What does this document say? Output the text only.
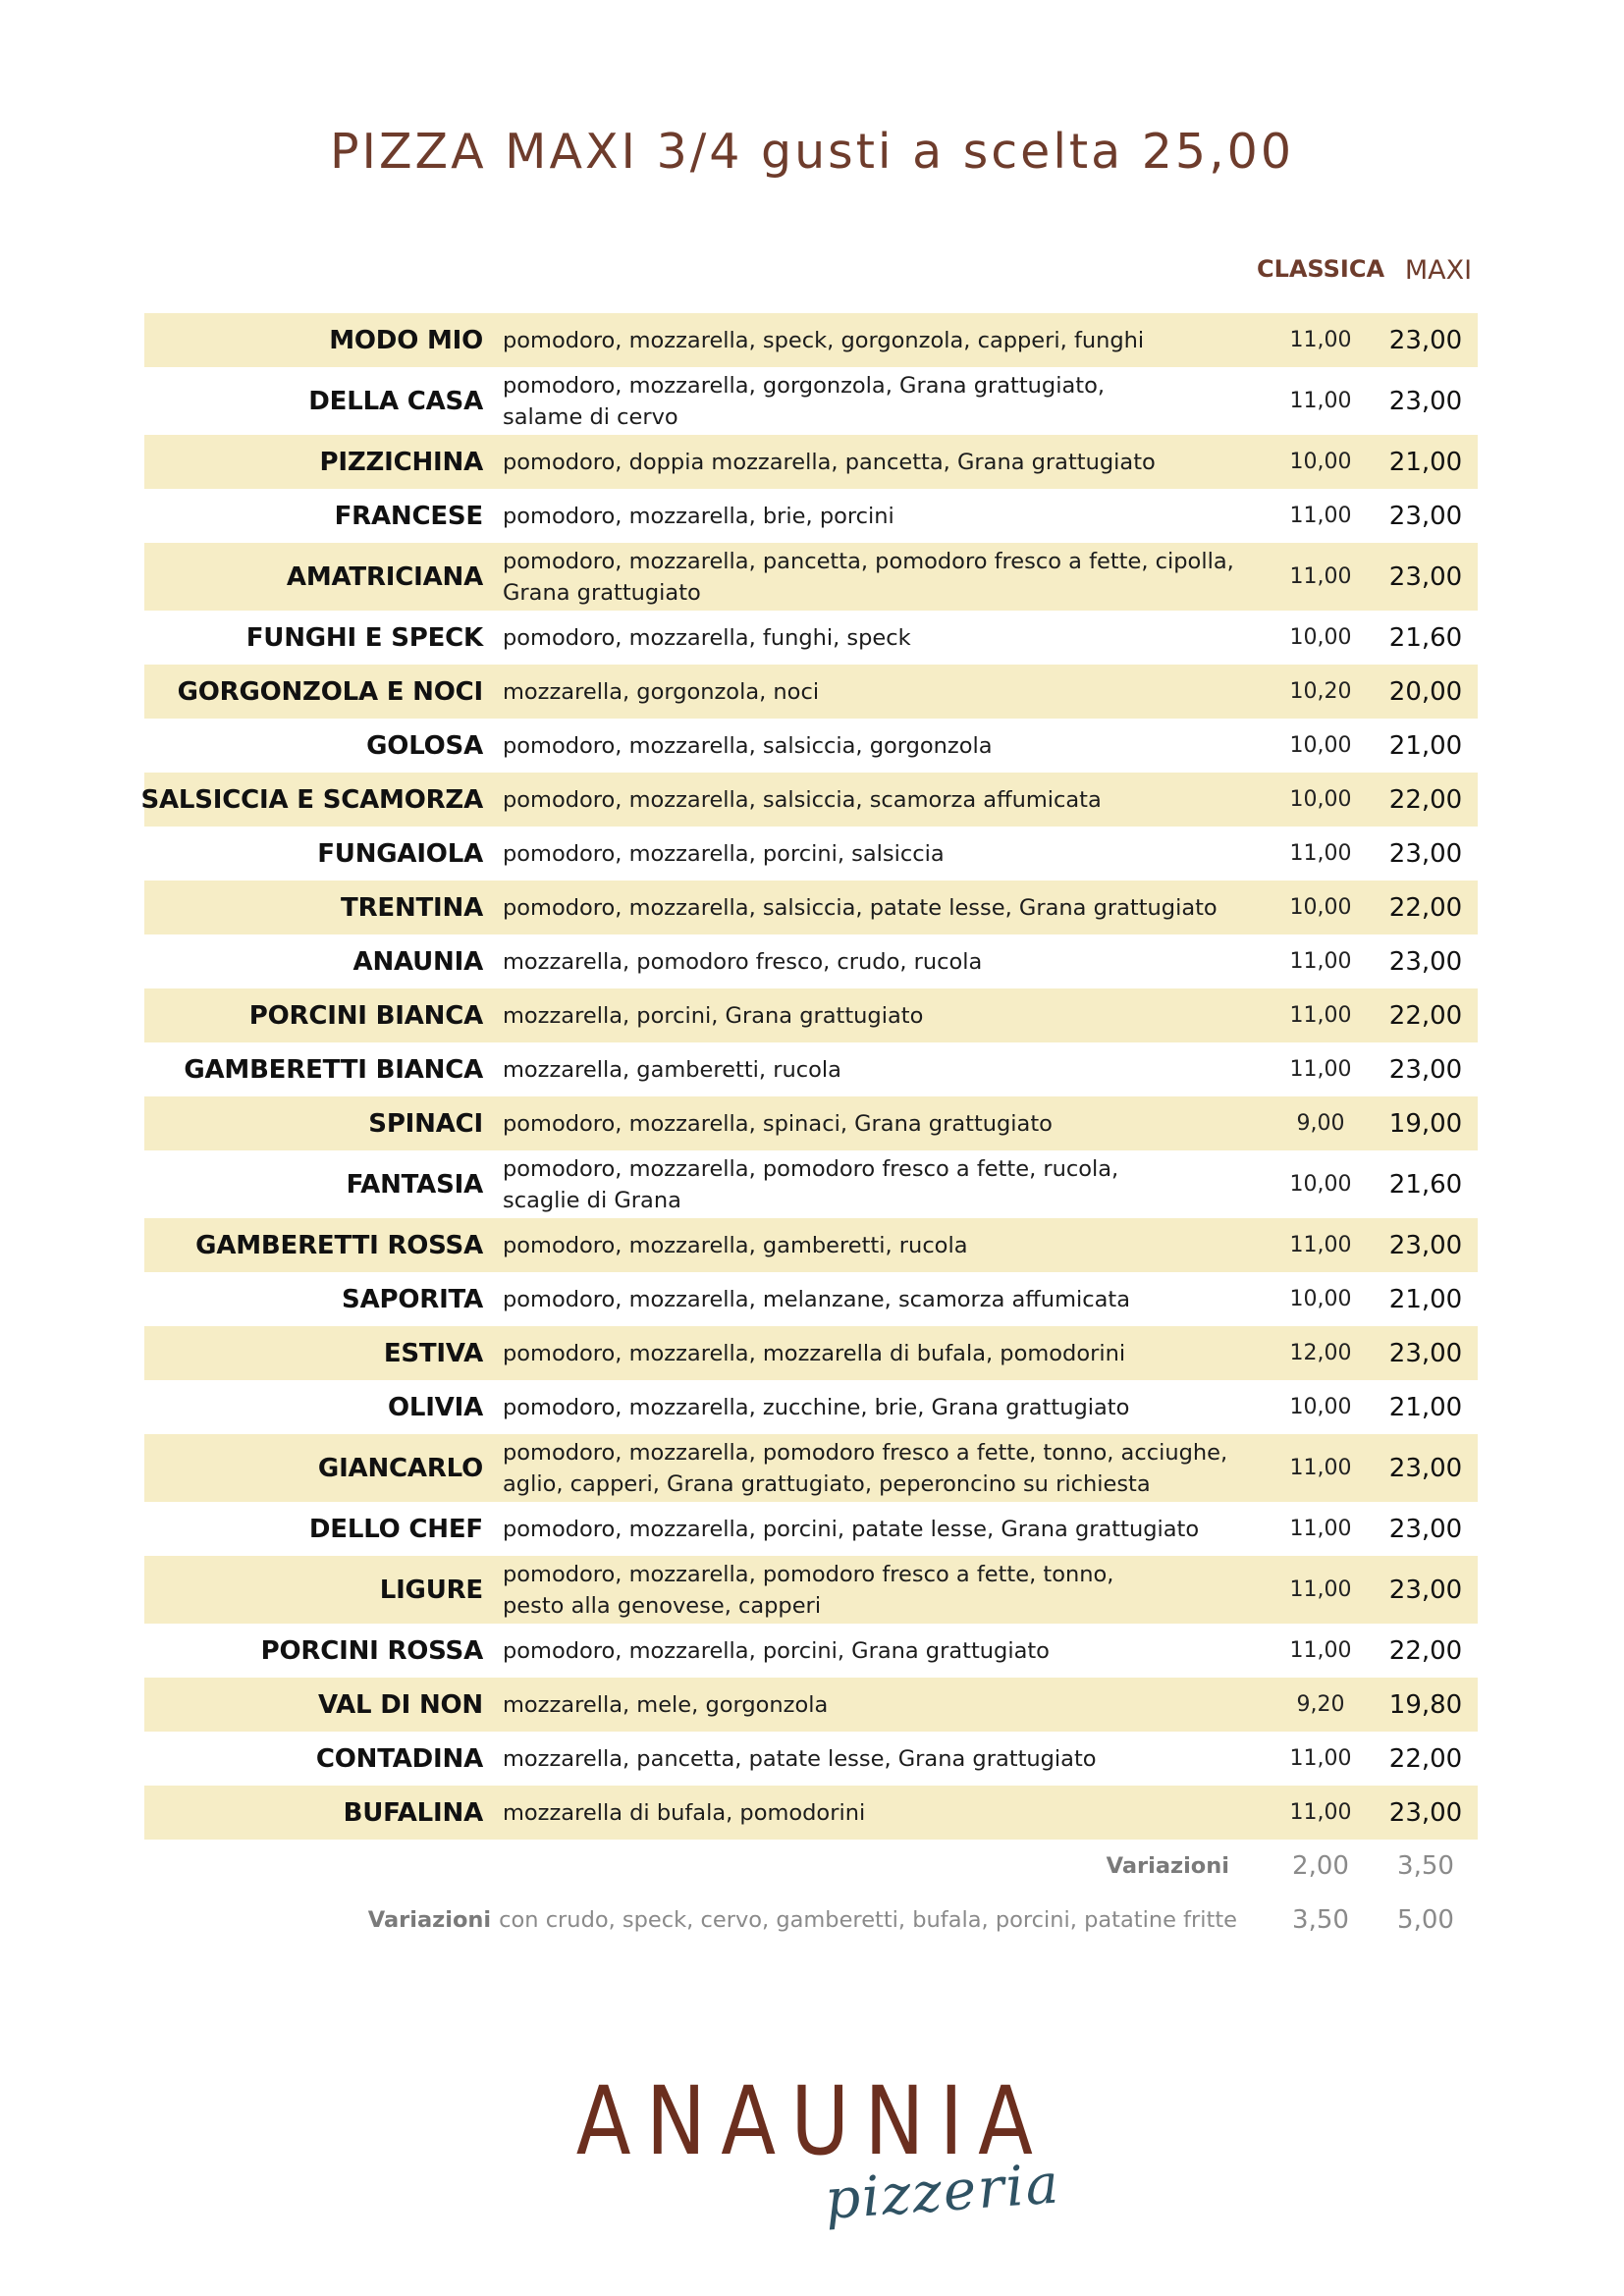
PIZZA MAXI 3/4 gusti a scelta 25,00
CLASSICA MAXI
MODO MIO pomodoro, mozzarella, speck, gorgonzola, capperi, funghi	11,00	23,00
DELLA CASA
pomodoro, mozzarella, gorgonzola, Grana grattugiato,
salame di cervo
11,00	23,00
PIZZICHINA pomodoro, doppia mozzarella, pancetta, Grana grattugiato	10,00	21,00
FRANCESE pomodoro, mozzarella, brie, porcini	11,00	23,00
AMATRICIANA
pomodoro, mozzarella, pancetta, pomodoro fresco a fette, cipolla,
Grana grattugiato
11,00	23,00
FUNGHI E SPECK pomodoro, mozzarella, funghi, speck	10,00	21,60
GORGONZOLA E NOCI mozzarella, gorgonzola, noci	10,20	20,00
GOLOSA pomodoro, mozzarella, salsiccia, gorgonzola	10,00	21,00
SALSICCIA E SCAMORZA pomodoro, mozzarella, salsiccia, scamorza affumicata	10,00	22,00
FUNGAIOLA pomodoro, mozzarella, porcini, salsiccia	11,00	23,00
TRENTINA pomodoro, mozzarella, salsiccia, patate lesse, Grana grattugiato	10,00	22,00
ANAUNIA mozzarella, pomodoro fresco, crudo, rucola	11,00	23,00
PORCINI BIANCA mozzarella, porcini, Grana grattugiato	11,00	22,00
GAMBERETTI BIANCA mozzarella, gamberetti, rucola	11,00	23,00
SPINACI pomodoro, mozzarella, spinaci, Grana grattugiato	9,00	19,00
FANTASIA
pomodoro, mozzarella, pomodoro fresco a fette, rucola,
scaglie di Grana
10,00	21,60
GAMBERETTI ROSSA pomodoro, mozzarella, gamberetti, rucola	11,00	23,00
SAPORITA pomodoro, mozzarella, melanzane, scamorza affumicata	10,00	21,00
ESTIVA pomodoro, mozzarella, mozzarella di bufala, pomodorini	12,00	23,00
OLIVIA pomodoro, mozzarella, zucchine, brie, Grana grattugiato	10,00	21,00
GIANCARLO
pomodoro, mozzarella, pomodoro fresco a fette, tonno, acciughe,
aglio, capperi, Grana grattugiato, peperoncino su richiesta
11,00	23,00
DELLO CHEF pomodoro, mozzarella, porcini, patate lesse, Grana grattugiato	11,00	23,00
LIGURE
pomodoro, mozzarella, pomodoro fresco a fette, tonno,
pesto alla genovese, capperi
11,00	23,00
PORCINI ROSSA pomodoro, mozzarella, porcini, Grana grattugiato	11,00	22,00
VAL DI NON mozzarella, mele, gorgonzola	9,20	19,80
CONTADINA mozzarella, pancetta, patate lesse, Grana grattugiato	11,00	22,00
BUFALINA mozzarella di bufala, pomodorini	11,00	23,00
Variazioni	2,00	3,50
Variazioni con crudo, speck, cervo, gamberetti, bufala, porcini, patatine fritte	3,50	5,00
ANAUNIA
pizzeria
